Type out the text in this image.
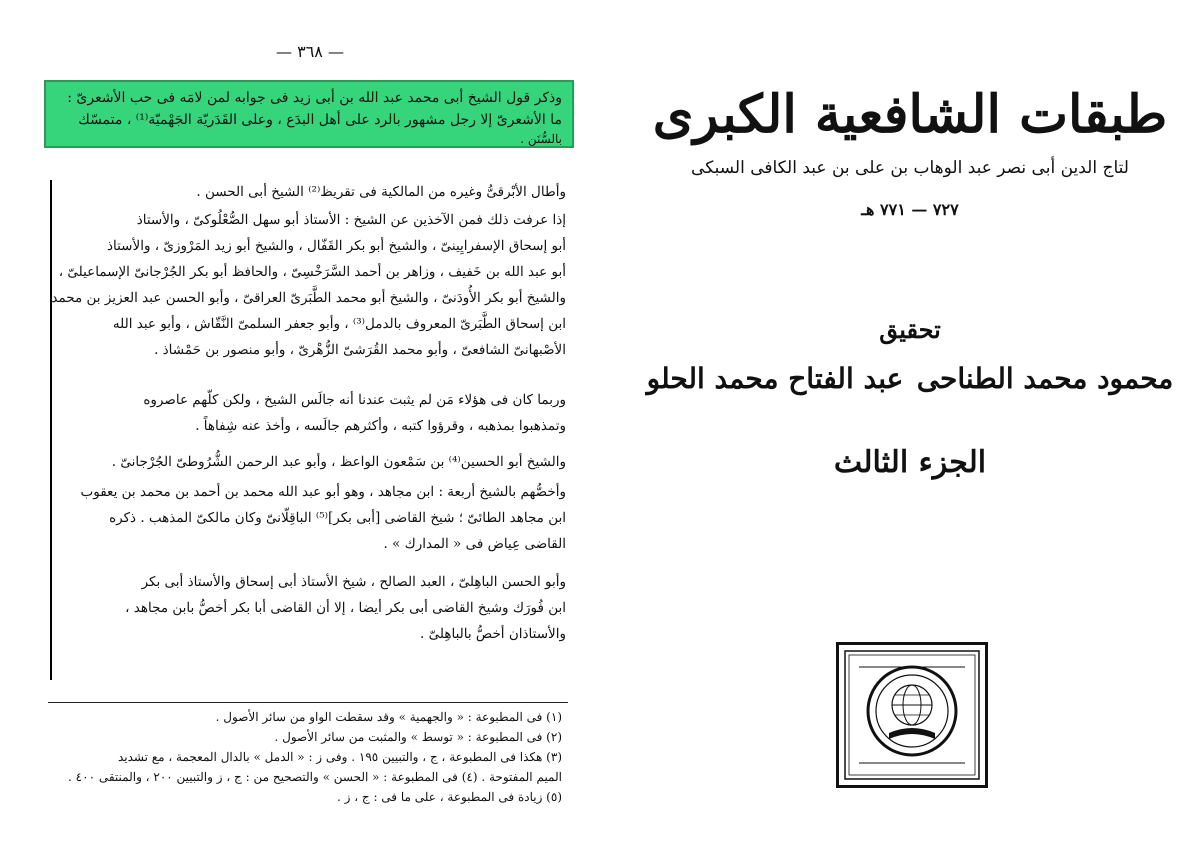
— ٣٦٨ —
وذكر قول الشيخ أبى محمد عبد الله بن أبى زيد فى جوابه لمن لامَه فى حب الأشعرىّ :
ما الأشعرىّ إلا رجل مشهور بالرد على أهل البدَع ، وعلى القَدَريّة الجَهْميّة⁽¹⁾ ، متمسّك
بالسُّنَن .
وأطال الأبْرقىُّ وغيره من المالكية فى تقريظ⁽²⁾ الشيخ أبى الحسن .
إذا عرفت ذلك فمن الآخذين عن الشيخ : الأستاذ أبو سهل الصُّعْلُوكىّ ، والأستاذ
أبو إسحاق الإسفرايِينىّ ، والشيخ أبو بكر القَفّال ، والشيخ أبو زيد المَرْوزىّ ، والأستاذ
أبو عبد الله بن خَفيف ، وزاهر بن أحمد السَّرَخْسِىّ ، والحافظ أبو بكر الجُرْجانىّ الإسماعيلىّ ،
والشيخ أبو بكر الأُودَنىّ ، والشيخ أبو محمد الطَّبَرىّ العراقىّ ، وأبو الحسن عبد العزيز بن محمد
ابن إسحاق الطَّبَرىّ المعروف بالدمل⁽³⁾ ، وأبو جعفر السلمىّ النَّقّاش ، وأبو عبد الله
الأصْبهانىّ الشافعىّ ، وأبو محمد القُرَشىّ الزُّهْرىّ ، وأبو منصور بن حَمْشاذ .
وربما كان فى هؤلاء مَن لم يثبت عندنا أنه جالَس الشيخ ، ولكن كلّهم عاصروه
وتمذهبوا بمذهبه ، وقرؤوا كتبه ، وأكثرهم جالَسه ، وأخذ عنه شِفاهاً .
والشيخ أبو الحسين⁽⁴⁾ بن سَمْعون الواعظ ، وأبو عبد الرحمن الشُّرُوطىّ الجُرْجانىّ .
وأخصُّهم بالشيخ أربعة : ابن مجاهد ، وهو أبو عبد الله محمد بن أحمد بن محمد بن يعقوب
ابن مجاهد الطائىّ ؛ شيخ القاضى [أبى بكر]⁽⁵⁾ الباقِلّانىّ وكان مالكىّ المذهب . ذكره
القاضى عِياض فى « المدارك » .
وأبو الحسن الباهِلىّ ، العبد الصالح ، شيخ الأستاذ أبى إسحاق والأستاذ أبى بكر
ابن فُورَك وشيخ القاضى أبى بكر أيضا ، إلا أن القاضى أبا بكر أخصُّ بابن مجاهد ،
والأستاذان أخصُّ بالباهِلىّ .
(١) فى المطبوعة : « والجهمية » وقد سقطت الواو من سائر الأصول .
(٢) فى المطبوعة : « توسط » والمثبت من سائر الأصول .
(٣) هكذا فى المطبوعة ، ج ، والتبيين ١٩٥ . وفى ز : « الدمل » بالدال المعجمة ، مع تشديد
الميم المفتوحة . (٤) فى المطبوعة : « الحسن » والتصحيح من : ج ، ز والتبيين ٢٠٠ ، والمنتقى ٤٠٠ .
(٥) زيادة فى المطبوعة ، على ما فى : ج ، ز .
طبقات الشافعية الكبرى
لتاج الدين أبى نصر عبد الوهاب بن على بن عبد الكافى السبكى
٧٢٧ — ٧٧١ هـ
تحقيق
محمود محمد الطناحى
عبد الفتاح محمد الحلو
الجزء الثالث
